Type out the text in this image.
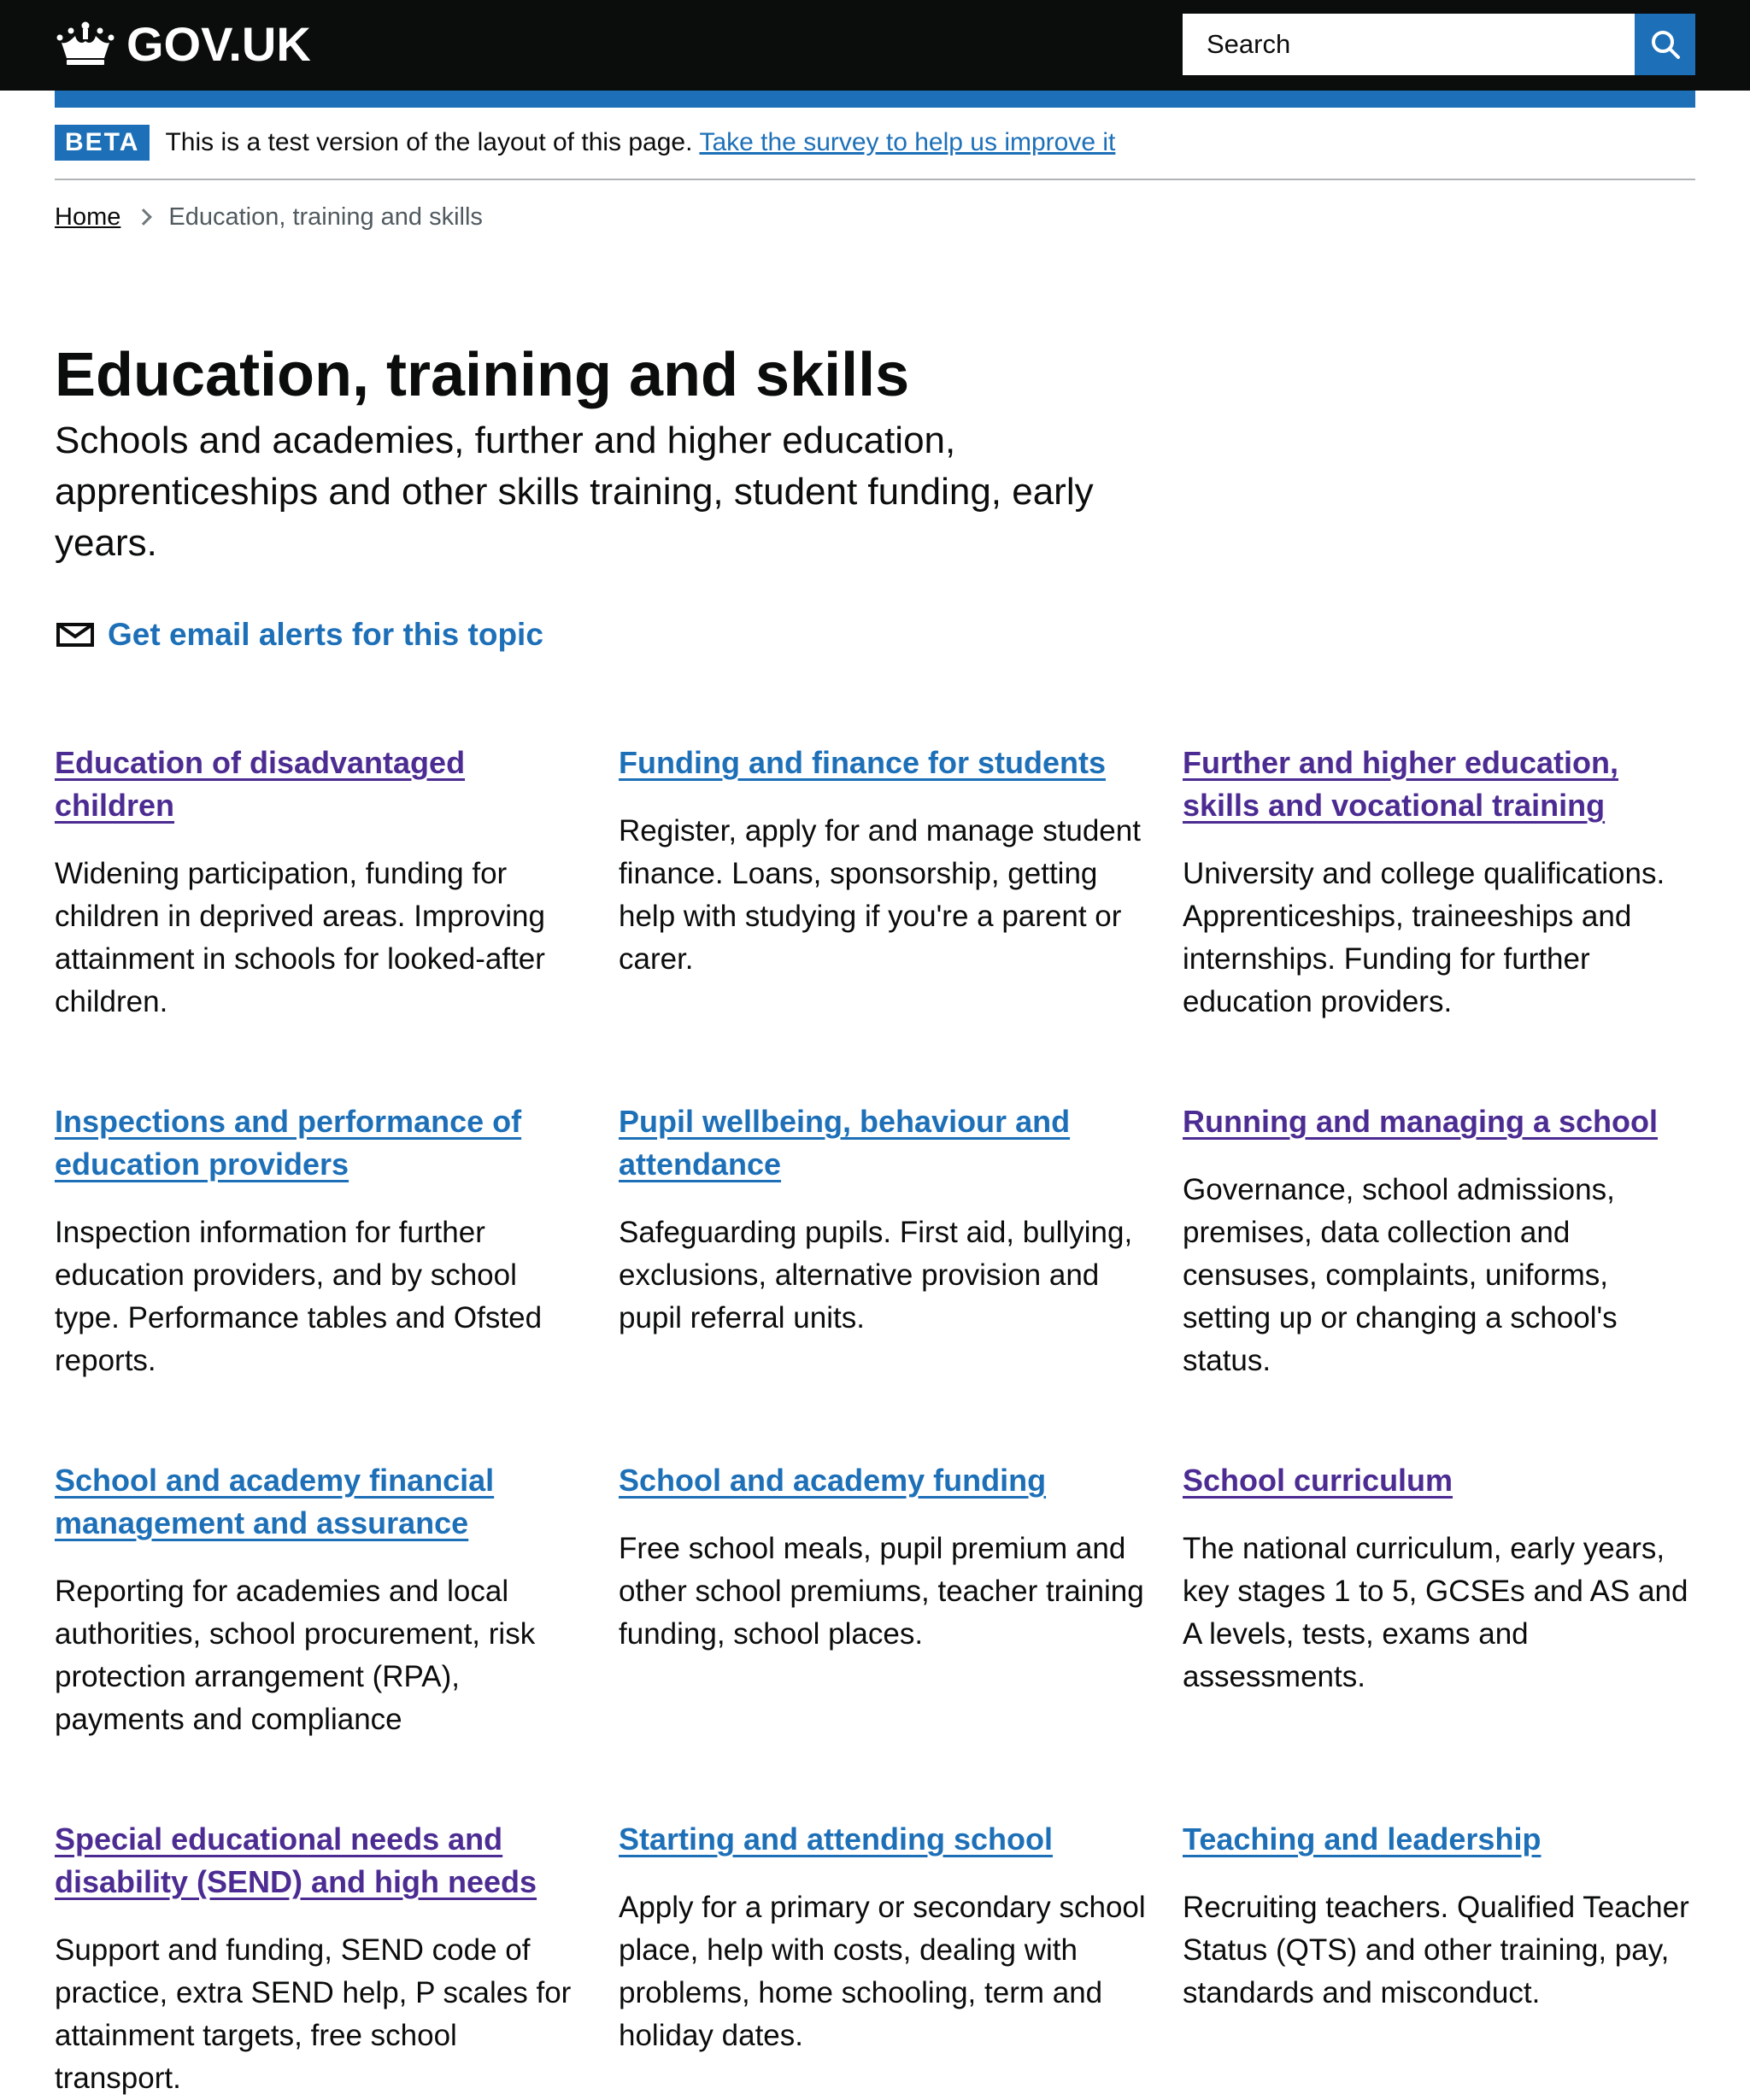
GOV.UK
Search
BETA	This is a test version of the layout of this page. Take the survey to help us improve it
Home Education, training and skills
Education, training and skills

Schools and academies, further and higher education, apprenticeships and other skills training, student funding, early years.

Get email alerts for this topic
Education of disadvantaged children

Widening participation, funding for children in deprived areas. Improving attainment in schools for looked-after children.

Funding and finance for students

Register, apply for and manage student finance. Loans, sponsorship, getting help with studying if you're a parent or carer.

Further and higher education, skills and vocational training

University and college qualifications. Apprenticeships, traineeships and internships. Funding for further education providers.

Inspections and performance of education providers

Inspection information for further education providers, and by school type. Performance tables and Ofsted reports.

Pupil wellbeing, behaviour and attendance

Safeguarding pupils. First aid, bullying, exclusions, alternative provision and pupil referral units.

Running and managing a school

Governance, school admissions, premises, data collection and censuses, complaints, uniforms, setting up or changing a school's status.

School and academy financial management and assurance

Reporting for academies and local authorities, school procurement, risk protection arrangement (RPA), payments and compliance

School and academy funding

Free school meals, pupil premium and other school premiums, teacher training funding, school places.

School curriculum

The national curriculum, early years, key stages 1 to 5, GCSEs and AS and A levels, tests, exams and assessments.

Special educational needs and disability (SEND) and high needs

Support and funding, SEND code of practice, extra SEND help, P scales for attainment targets, free school transport.

Starting and attending school

Apply for a primary or secondary school place, help with costs, dealing with problems, home schooling, term and holiday dates.

Teaching and leadership

Recruiting teachers. Qualified Teacher Status (QTS) and other training, pay, standards and misconduct.
